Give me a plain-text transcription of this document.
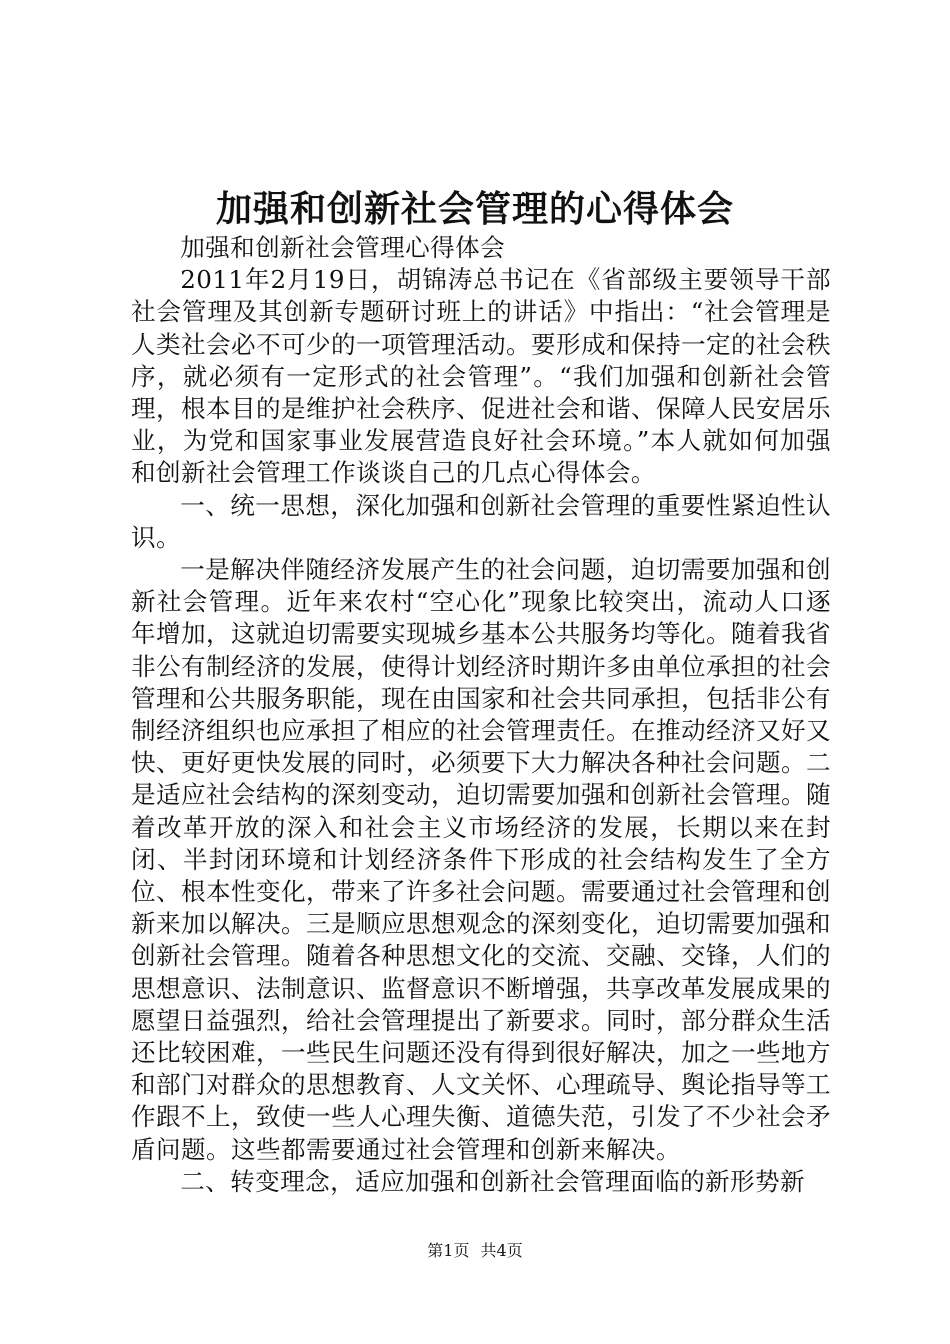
加强和创新社会管理的心得体会

加强和创新社会管理心得体会

2011年2月19日，胡锦涛总书记在《省部级主要领导干部社会管理及其创新专题研讨班上的讲话》中指出：“社会管理是人类社会必不可少的一项管理活动。要形成和保持一定的社会秩序，就必须有一定形式的社会管理”。“我们加强和创新社会管理，根本目的是维护社会秩序、促进社会和谐、保障人民安居乐业，为党和国家事业发展营造良好社会环境。”本人就如何加强和创新社会管理工作谈谈自己的几点心得体会。

一、统一思想，深化加强和创新社会管理的重要性紧迫性认识。

一是解决伴随经济发展产生的社会问题，迫切需要加强和创新社会管理。近年来农村“空心化”现象比较突出，流动人口逐年增加，这就迫切需要实现城乡基本公共服务均等化。随着我省非公有制经济的发展，使得计划经济时期许多由单位承担的社会管理和公共服务职能，现在由国家和社会共同承担，包括非公有制经济组织也应承担了相应的社会管理责任。在推动经济又好又快、更好更快发展的同时，必须要下大力解决各种社会问题。二是适应社会结构的深刻变动，迫切需要加强和创新社会管理。随着改革开放的深入和社会主义市场经济的发展，长期以来在封闭、半封闭环境和计划经济条件下形成的社会结构发生了全方位、根本性变化，带来了许多社会问题。需要通过社会管理和创新来加以解决。三是顺应思想观念的深刻变化，迫切需要加强和创新社会管理。随着各种思想文化的交流、交融、交锋，人们的思想意识、法制意识、监督意识不断增强，共享改革发展成果的愿望日益强烈，给社会管理提出了新要求。同时，部分群众生活还比较困难，一些民生问题还没有得到很好解决，加之一些地方和部门对群众的思想教育、人文关怀、心理疏导、舆论指导等工作跟不上，致使一些人心理失衡、道德失范，引发了不少社会矛盾问题。这些都需要通过社会管理和创新来解决。

二、转变理念，适应加强和创新社会管理面临的新形势新

第1页 共4页
